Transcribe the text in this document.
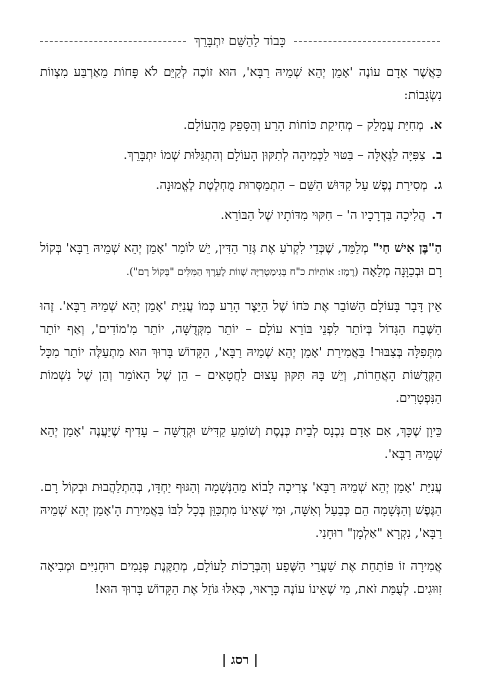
כָּבוֹד לַהַשֵּׁם יִתְבָּרֵךְ

כַּאֲשֶׁר אָדָם עוֹנֶה 'אָמֵן יְהֵא שְׁמֵיהּ רַבָּא', הוּא זוֹכֶה לְקַיֵּם לֹא פָּחוֹת מֵאַרְבַּע מִצְווֹת נִשְׂגָּבוֹת:

א.
מְחִיַּת עֲמָלֵק – מְחִיקַת כּוֹחוֹת הָרַע וְהַסָּפֵק מֵהָעוֹלָם.

ב.
צִפִּיָּה לַגְּאֻלָּה – בִּטּוּי לַכְּמִיהָה לְתִקּוּן הָעוֹלָם וְהִתְגַּלּוּת שְׁמוֹ יִתְבָּרֵךְ.

ג.
מְסִירַת נֶפֶשׁ עַל קִדּוּשׁ הַשֵּׁם – הִתְמַסְּרוּת מֻחְלֶטֶת לֶאֱמוּנָה.

ד.
הֲלִיכָה בִּדְרָכָיו ה' – חִקּוּי מִדּוֹתָיו שֶׁל הַבּוֹרֵא.

הַ"בֶּן אִישׁ חַי" מְלַמֵּד, שֶׁכְּדֵי לִקְרֹעַ אֶת גְּזַר הַדִּין, יֵשׁ לוֹמַר 'אָמֵן יְהֵא שְׁמֵיהּ רַבָּא' בְּקוֹל רָם וּבְכַוָּנָה מְלֵאָה (רֶמֶז: אוֹתִיּוֹת כ"ח בְּגִימַטְרִיָּה שָׁווֹת לָעֵרֶךְ הַמִּלִּים "בְּקוֹל רָם").

אֵין דָּבָר בָּעוֹלָם הַשּׁוֹבֵר אֶת כֹּחוֹ שֶׁל הַיֵּצֶר הָרַע כְּמוֹ עֲנִיַּת 'אָמֵן יְהֵא שְׁמֵיהּ רַבָּא'. זֶהוּ הַשֶּׁבַח הַגָּדוֹל בְּיוֹתֵר לִפְנֵי בּוֹרֵא עוֹלָם – יוֹתֵר מִקְּדֻשָּׁה, יוֹתֵר מִ'מוֹדִים', וְאַף יוֹתֵר מִתְּפִלָּה בְּצִבּוּר! בַּאֲמִירַת 'אָמֵן יְהֵא שְׁמֵיהּ רַבָּא', הַקָּדוֹשׁ בָּרוּךְ הוּא מִתְעַלֶּה יוֹתֵר מִכָּל הַקְּדֻשּׁוֹת הָאֲחֵרוֹת, וְיֵשׁ בָּהּ תִּקּוּן עָצוּם לַחֲטָאִים – הֵן שֶׁל הָאוֹמֵר וְהֵן שֶׁל נִשְׁמוֹת הַנִּפְטָרִים.

כֵּיוָן שֶׁכָּךְ, אִם אָדָם נִכְנָס לְבֵית כְּנֶסֶת וְשׁוֹמֵעַ קַדִּישׁ וּקְדֻשָּׁה – עָדִיף שֶׁיַּעֲנֶה 'אָמֵן יְהֵא שְׁמֵיהּ רַבָּא'.

עֲנִיַּת 'אָמֵן יְהֵא שְׁמֵיהּ רַבָּא' צְרִיכָה לָבוֹא מֵהַנְּשָׁמָה וְהַגּוּף יַחְדָּו, בְּהִתְלַהֲבוּת וּבְקוֹל רָם. הַגֶּפֶשׁ וְהַנְּשָׁמָה הֵם כְּבַעַל וְאִשָּׁה, וּמִי שֶׁאֵינוֹ מִתְכַּוֵּן בְּכָל לִבּוֹ בַּאֲמִירַת הָ'אָמֵן יְהֵא שְׁמֵיהּ רַבָּא', נִקְרָא "אַלְמָן" רוּחָנִי.

אֲמִירָה זוֹ פּוֹתַחַת אֶת שַׁעֲרֵי הַשֶּׁפַע וְהַבְּרָכוֹת לָעוֹלָם, מְתַקֶּנֶת פְּגָמִים רוּחָנִיִּים וּמְבִיאָה זִוּוּגִים. לְעֻמַּת זֹאת, מִי שֶׁאֵינוֹ עוֹנֶה כָּרָאוּי, כְּאִלּוּ גּוֹזֵל אֶת הַקָּדוֹשׁ בָּרוּךְ הוּא!

| רסג |
